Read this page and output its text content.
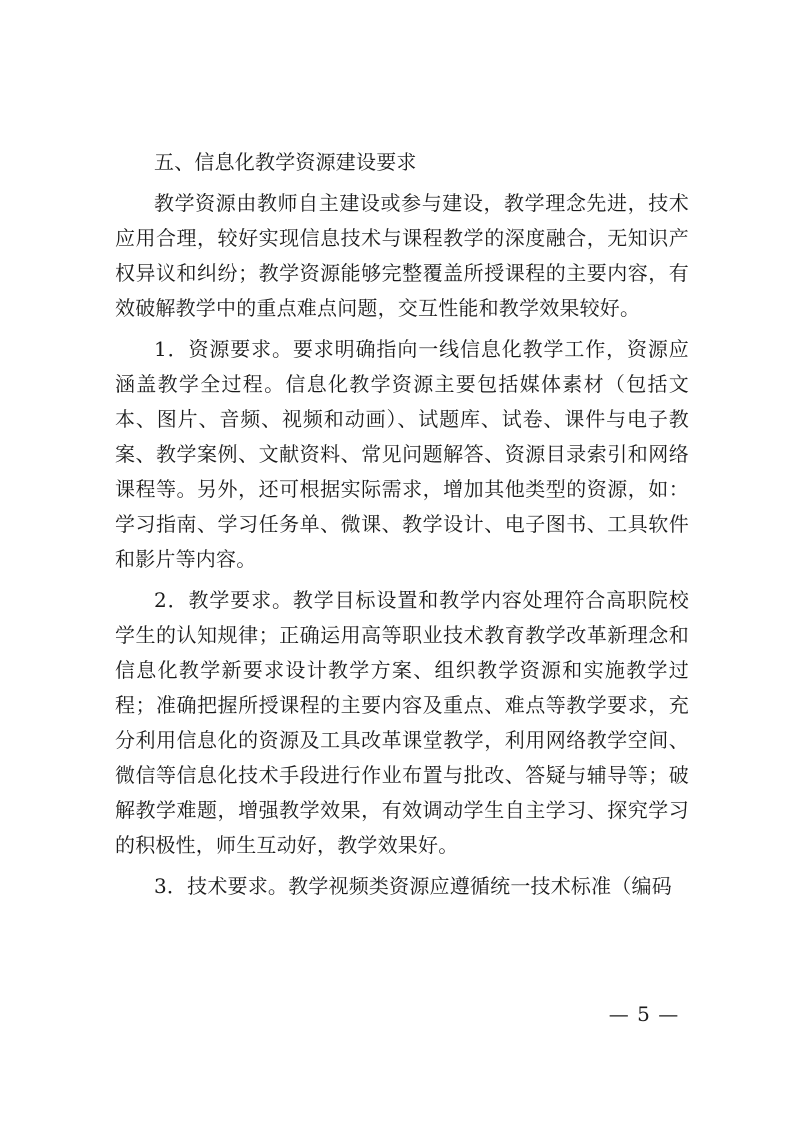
五、信息化教学资源建设要求

教学资源由教师自主建设或参与建设，教学理念先进，技术应用合理，较好实现信息技术与课程教学的深度融合，无知识产权异议和纠纷；教学资源能够完整覆盖所授课程的主要内容，有效破解教学中的重点难点问题，交互性能和教学效果较好。

1．资源要求。要求明确指向一线信息化教学工作，资源应涵盖教学全过程。信息化教学资源主要包括媒体素材（包括文本、图片、音频、视频和动画）、试题库、试卷、课件与电子教案、教学案例、文献资料、常见问题解答、资源目录索引和网络课程等。另外，还可根据实际需求，增加其他类型的资源，如：学习指南、学习任务单、微课、教学设计、电子图书、工具软件和影片等内容。

2．教学要求。教学目标设置和教学内容处理符合高职院校学生的认知规律；正确运用高等职业技术教育教学改革新理念和信息化教学新要求设计教学方案、组织教学资源和实施教学过程；准确把握所授课程的主要内容及重点、难点等教学要求，充分利用信息化的资源及工具改革课堂教学，利用网络教学空间、微信等信息化技术手段进行作业布置与批改、答疑与辅导等；破解教学难题，增强教学效果，有效调动学生自主学习、探究学习的积极性，师生互动好，教学效果好。

3．技术要求。教学视频类资源应遵循统一技术标准（编码

— 5 —
